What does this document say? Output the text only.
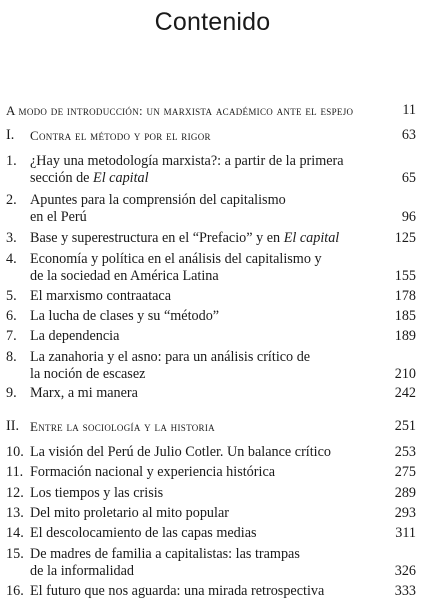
Contenido
A modo de introducción: un marxista académico ante el espejo	11
I. Contra el método y por el rigor	63
1. ¿Hay una metodología marxista?: a partir de la primera
sección de El capital	65
2. Apuntes para la comprensión del capitalismo
en el Perú	96
3. Base y superestructura en el “Prefacio” y en El capital	125
4. Economía y política en el análisis del capitalismo y
de la sociedad en América Latina	155
5. El marxismo contraataca	178
6. La lucha de clases y su “método”	185
7. La dependencia	189
8. La zanahoria y el asno: para un análisis crítico de
la noción de escasez	210
9. Marx, a mi manera	242
II. Entre la sociología y la historia	251
10. La visión del Perú de Julio Cotler. Un balance crítico	253
11. Formación nacional y experiencia histórica	275
12. Los tiempos y las crisis	289
13. Del mito proletario al mito popular	293
14. El descolocamiento de las capas medias	311
15. De madres de familia a capitalistas: las trampas
de la informalidad	326
16. El futuro que nos aguarda: una mirada retrospectiva	333
